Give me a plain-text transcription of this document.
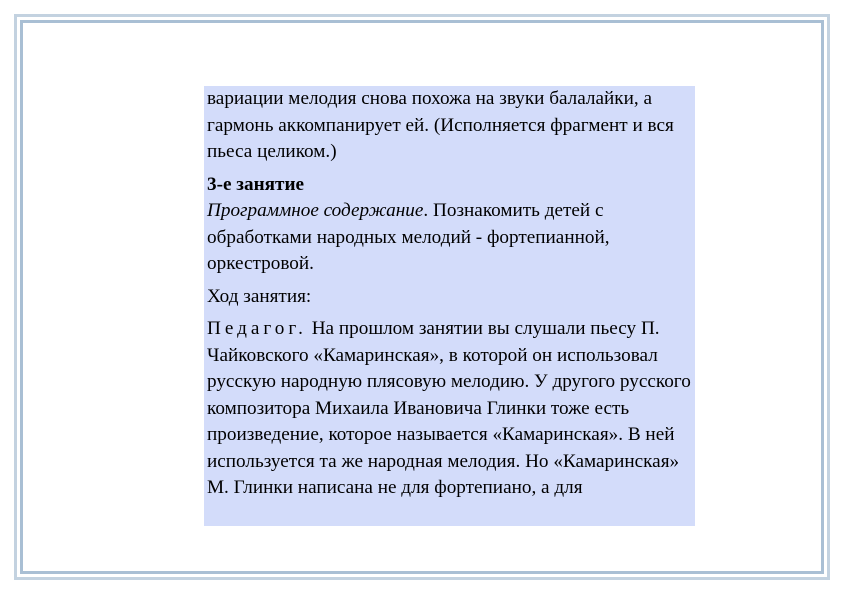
вариации мелодия снова похожа на звуки балалайки, а гармонь аккомпанирует ей. (Исполняется фрагмент и вся пьеса целиком.)

3-е занятие
Программное содержание. Познакомить детей с обработками народных мелодий - фортепианной, оркестровой.

Ход занятия:

Педагог. На прошлом занятии вы слушали пьесу П. Чайковского «Камаринская», в которой он использовал русскую народную плясовую мелодию. У другого русского композитора Михаила Ивановича Глинки тоже есть произведение, которое называется «Камаринская». В ней используется та же народная мелодия. Но «Камаринская» М. Глинки написана не для фортепиано, а для
